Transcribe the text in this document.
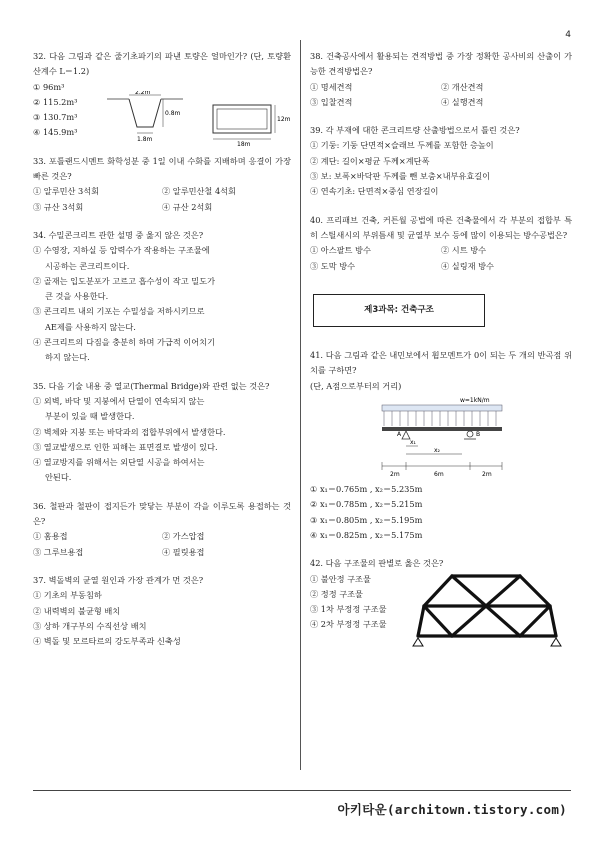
4
32. 다음 그림과 같은 줄기초파기의 파낸 토량은 얼마인가? (단, 토량환산계수 L＝1.2)
① 96m³
② 115.2m³
③ 130.7m³
④ 145.9m³
2.2m
0.8m
1.8m
18m
12m
33. 포틀랜드시멘트 화학성분 중 1일 이내 수화를 지배하며 응결이 가장 빠른 것은?
① 알루민산 3석회	② 알루민산철 4석회
③ 규산 3석회	④ 규산 2석회
34. 수밀콘크리트 관한 설명 중 옳지 않은 것은?
① 수영장, 지하실 등 압력수가 작용하는 구조물에
시공하는 콘크리트이다.
② 골재는 입도분포가 고르고 흡수성이 작고 밀도가
큰 것을 사용한다.
③ 콘크리트 내의 기포는 수밀성을 저하시키므로
AE제를 사용하지 않는다.
④ 콘크리트의 다짐을 충분히 하며 가급적 이어치기
하지 않는다.
35. 다음 기술 내용 중 열교(Thermal Bridge)와 관련 없는 것은?
① 외벽, 바닥 및 지붕에서 단열이 연속되지 않는
부분이 있을 때 발생한다.
② 벽체와 지붕 또는 바닥과의 접합부위에서 발생한다.
③ 열교발생으로 인한 피해는 표면결로 발생이 있다.
④ 열교방지를 위해서는 외단열 시공을 하여서는
안된다.
36. 철판과 철판이 접지든가 맞닿는 부분이 각을 이루도록 용접하는 것은?
① 홈용접	② 가스압접
③ 그루브용접	④ 필릿용접
37. 벽돌벽의 균열 원인과 가장 관계가 먼 것은?
① 기초의 부동침하
② 내력벽의 불균형 배치
③ 상하 개구부의 수직선상 배치
④ 벽돌 및 모르타르의 강도부족과 신축성
38. 건축공사에서 활용되는 견적방법 중 가장 정확한 공사비의 산출이 가능한 견적방법은?
① 명세견적	② 개산견적
③ 입찰견적	④ 실행견적
39. 각 부재에 대한 콘크리트량 산출방법으로서 틀린 것은?
① 기둥: 기둥 단면적×슬래브 두께를 포함한 층높이
② 계단: 길이×평균 두께×계단폭
③ 보: 보폭×바닥판 두께를 뺀 보춤×내부유효길이
④ 연속기초: 단면적×중심 연장길이
40. 프리패브 건축, 커튼월 공법에 따른 건축물에서 각 부분의 접합부 특히 스틸새시의 부위틈새 및 균열부 보수 등에 많이 이용되는 방수공법은?
① 아스팔트 방수	② 시트 방수
③ 도막 방수	④ 실링재 방수
제3과목: 건축구조
41. 다음 그림과 같은 내민보에서 휨모멘트가 0이 되는 두 개의 반곡점 위치를 구하면?
(단, A점으로부터의 거리)
w=1kN/m
A	B
x₁
x₂
2m	6m	2m
① x₁＝0.765m , x₂＝5.235m
② x₁＝0.785m , x₂＝5.215m
③ x₁＝0.805m , x₂＝5.195m
④ x₁＝0.825m , x₂＝5.175m
42. 다음 구조물의 판별로 옳은 것은?
① 불안정 구조물
② 정정 구조물
③ 1차 부정정 구조물
④ 2차 부정정 구조물
아키타운(architown.tistory.com)
